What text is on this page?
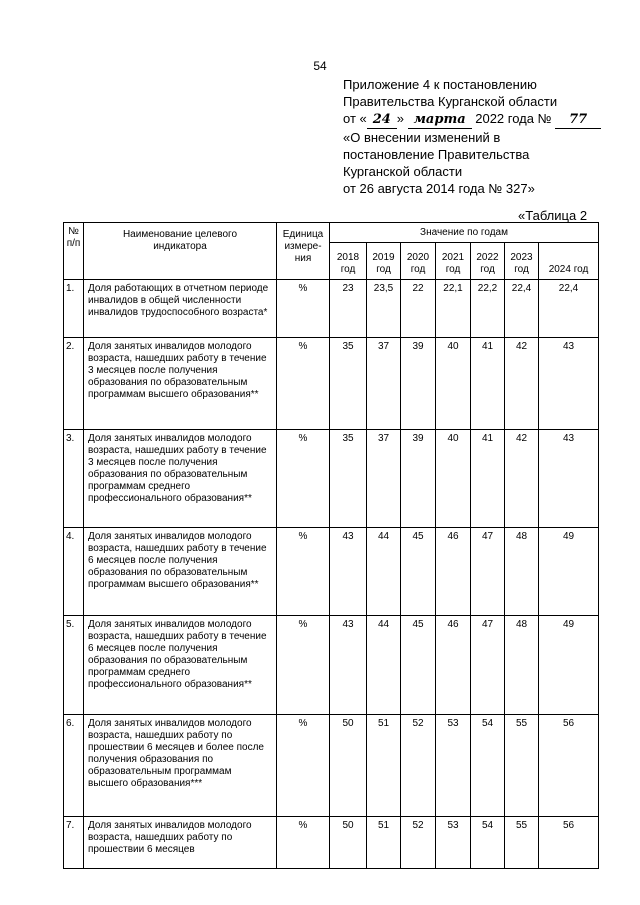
54
Приложение 4 к постановлению
Правительства Курганской области
от « 24 » марта 2022 года № 77
«О внесении изменений в
постановление Правительства
Курганской области
от 26 августа 2014 года № 327»
«Таблица 2
№ п/п	Наименование целевого индикатора	Единица измере-ния	Значение по годам						
			2018 год	2019 год	2020 год	2021 год	2022 год	2023 год	2024 год
1.	Доля работающих в отчетном периоде инвалидов в общей численности инвалидов трудоспособного возраста*	%	23	23,5	22	22,1	22,2	22,4	22,4
2.	Доля занятых инвалидов молодого возраста, нашедших работу в течение 3 месяцев после получения образования по образовательным программам высшего образования**	%	35	37	39	40	41	42	43
3.	Доля занятых инвалидов молодого возраста, нашедших работу в течение 3 месяцев после получения образования по образовательным программам среднего профессионального образования**	%	35	37	39	40	41	42	43
4.	Доля занятых инвалидов молодого возраста, нашедших работу в течение 6 месяцев после получения образования по образовательным программам высшего образования**	%	43	44	45	46	47	48	49
5.	Доля занятых инвалидов молодого возраста, нашедших работу в течение 6 месяцев после получения образования по образовательным программам среднего профессионального образования**	%	43	44	45	46	47	48	49
6.	Доля занятых инвалидов молодого возраста, нашедших работу по прошествии 6 месяцев и более после получения образования по образовательным программам высшего образования***	%	50	51	52	53	54	55	56
7.	Доля занятых инвалидов молодого возраста, нашедших работу по прошествии 6 месяцев	%	50	51	52	53	54	55	56
